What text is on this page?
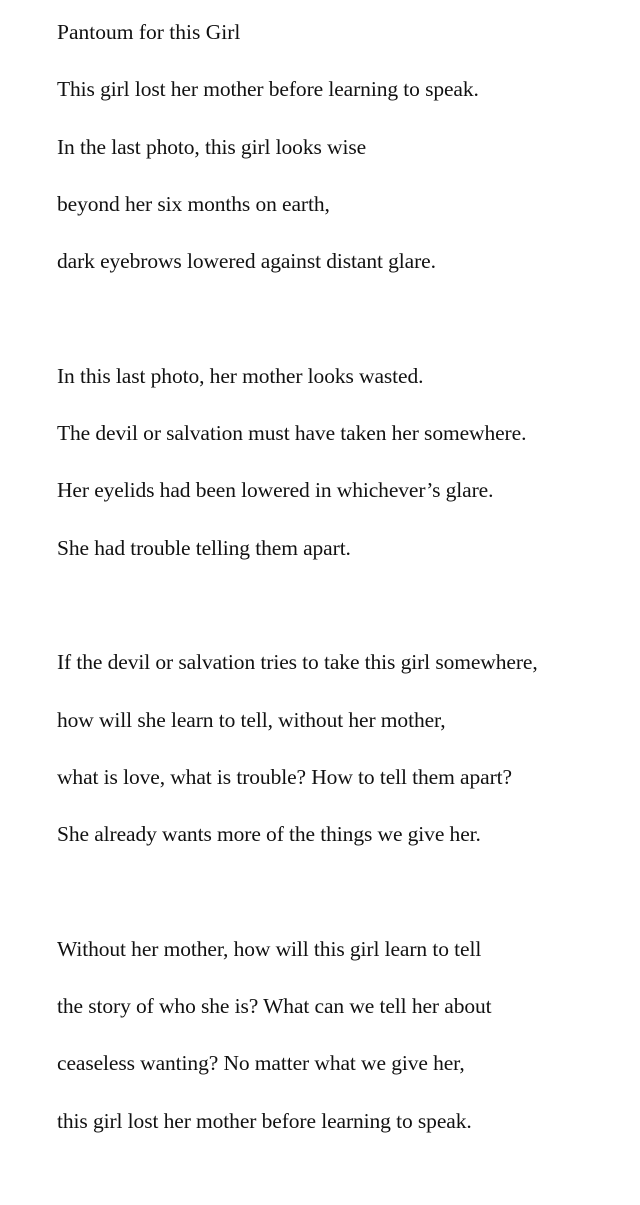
Pantoum for this Girl
This girl lost her mother before learning to speak.
In the last photo, this girl looks wise
beyond her six months on earth,
dark eyebrows lowered against distant glare.
In this last photo, her mother looks wasted.
The devil or salvation must have taken her somewhere.
Her eyelids had been lowered in whichever’s glare.
She had trouble telling them apart.
If the devil or salvation tries to take this girl somewhere,
how will she learn to tell, without her mother,
what is love, what is trouble? How to tell them apart?
She already wants more of the things we give her.
Without her mother, how will this girl learn to tell
the story of who she is? What can we tell her about
ceaseless wanting? No matter what we give her,
this girl lost her mother before learning to speak.
